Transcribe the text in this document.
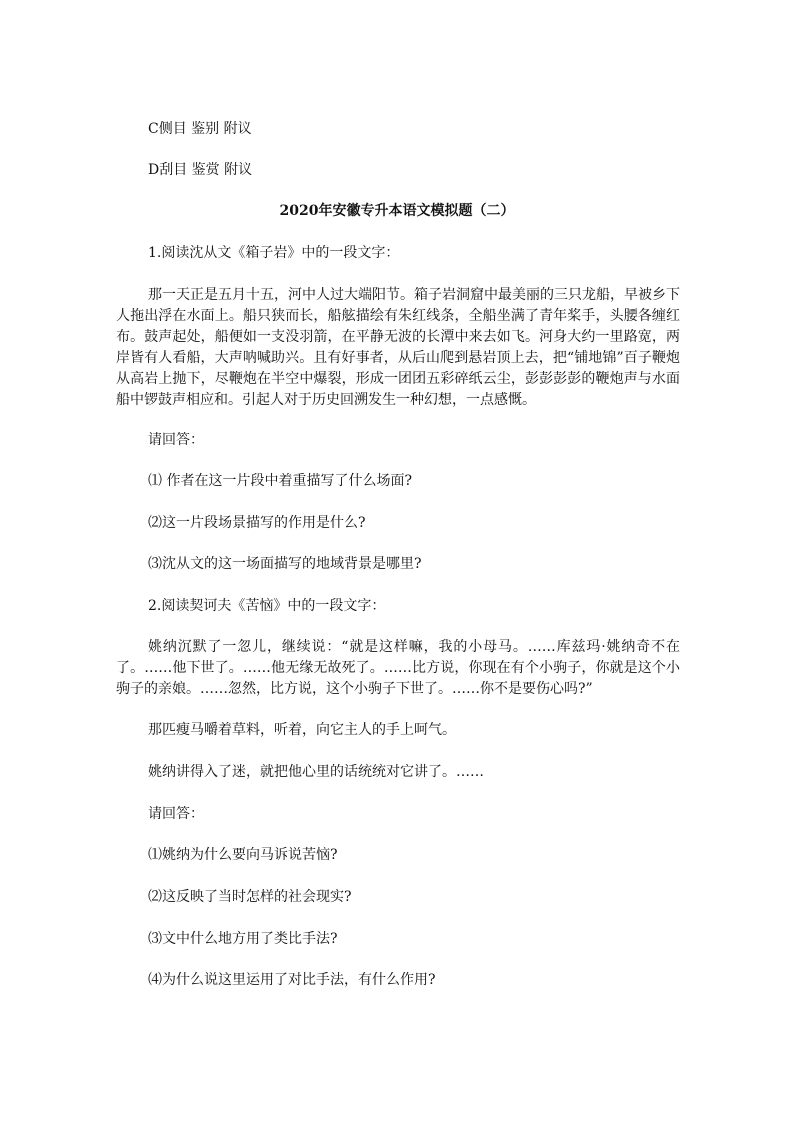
C侧目 鉴别 附议

D刮目 鉴赏 附议

2020年安徽专升本语文模拟题（二）

1.阅读沈从文《箱子岩》中的一段文字：

那一天正是五月十五，河中人过大端阳节。箱子岩洞窟中最美丽的三只龙船，早被乡下人拖出浮在水面上。船只狭而长，船舷描绘有朱红线条，全船坐满了青年桨手，头腰各缠红布。鼓声起处，船便如一支没羽箭，在平静无波的长潭中来去如飞。河身大约一里路宽，两岸皆有人看船，大声呐喊助兴。且有好事者，从后山爬到悬岩顶上去，把“铺地锦”百子鞭炮从高岩上抛下，尽鞭炮在半空中爆裂，形成一团团五彩碎纸云尘，彭彭彭彭的鞭炮声与水面船中锣鼓声相应和。引起人对于历史回溯发生一种幻想，一点感慨。

请回答：

⑴ 作者在这一片段中着重描写了什么场面?

⑵这一片段场景描写的作用是什么?

⑶沈从文的这一场面描写的地域背景是哪里?

2.阅读契诃夫《苦恼》中的一段文字：

姚纳沉默了一忽儿，继续说：“就是这样嘛，我的小母马。……库兹玛·姚纳奇不在了。……他下世了。……他无缘无故死了。……比方说，你现在有个小驹子，你就是这个小驹子的亲娘。……忽然，比方说，这个小驹子下世了。……你不是要伤心吗?”

那匹瘦马嚼着草料，听着，向它主人的手上呵气。

姚纳讲得入了迷，就把他心里的话统统对它讲了。……

请回答：

⑴姚纳为什么要向马诉说苦恼?

⑵这反映了当时怎样的社会现实?

⑶文中什么地方用了类比手法?

⑷为什么说这里运用了对比手法，有什么作用?
